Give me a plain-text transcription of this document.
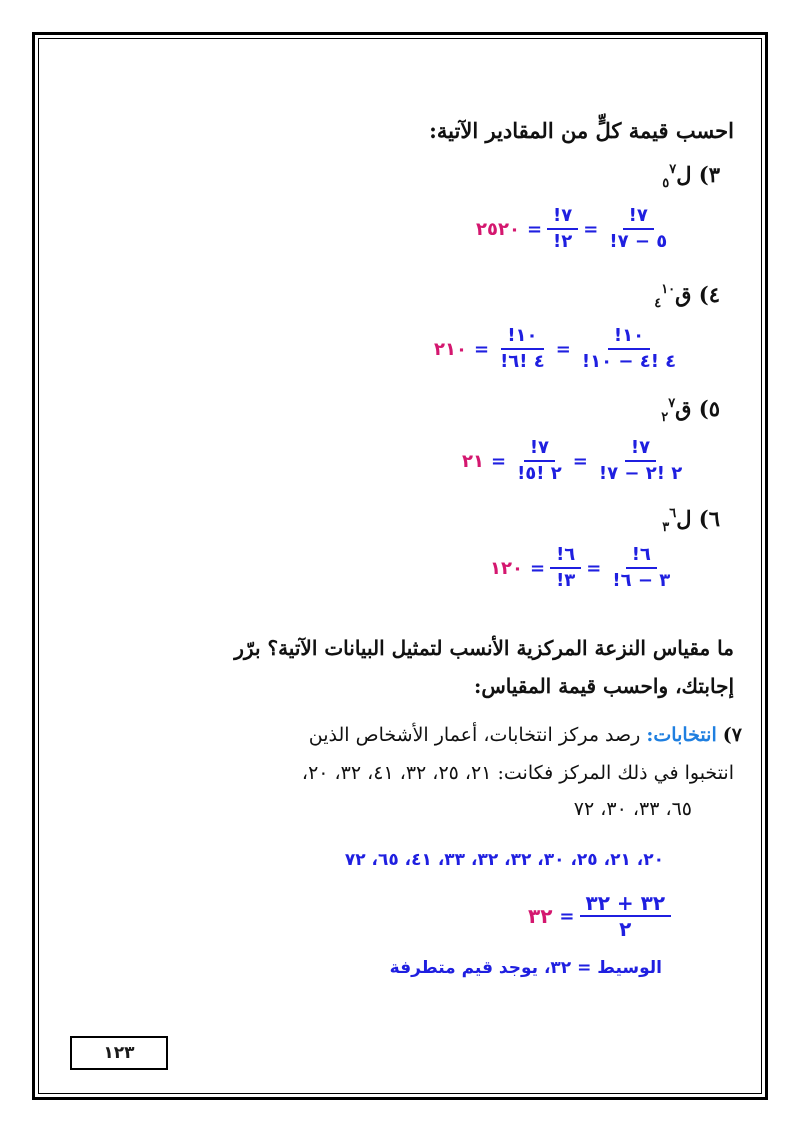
احسب قيمة كلٍّ من المقادير الآتية:
٣) ل$_٥^٧$
٢٥٢٠ = $\frac{!٧}{!٢} = \frac{!٧}{!٥ - ٧}$
٤) ق$_٤^{١٠}$
٢١٠ = $\frac{!١٠}{!٤ !٦} = \frac{!١٠}{!٤ !٤ - ١٠}$
٥) ق$_٢^٧$
٢١ = $\frac{!٧}{!٢ !٥} = \frac{!٧}{!٢ !٢ - ٧}$
٦) ل$_٣^٦$
١٢٠ = $\frac{!٦}{!٣} = \frac{!٦}{!٣ - ٦}$
ما مقياس النزعة المركزية الأنسب لتمثيل البيانات الآتية؟ برّر
إجابتك، واحسب قيمة المقياس:
٧) انتخابات: رصد مركز انتخابات، أعمار الأشخاص الذين
انتخبوا في ذلك المركز فكانت: ٢١، ٢٥، ٣٢، ٤١، ٣٢، ٢٠،
٦٥، ٣٣، ٣٠، ٧٢
٢٠، ٢١، ٢٥، ٣٠، ٣٢، ٣٢، ٣٣، ٤١، ٦٥، ٧٢
٣٢ = $\frac{٣٢ + ٣٢}{٢}$
الوسيط = ٣٢، يوجد قيم متطرفة
١٢٣
